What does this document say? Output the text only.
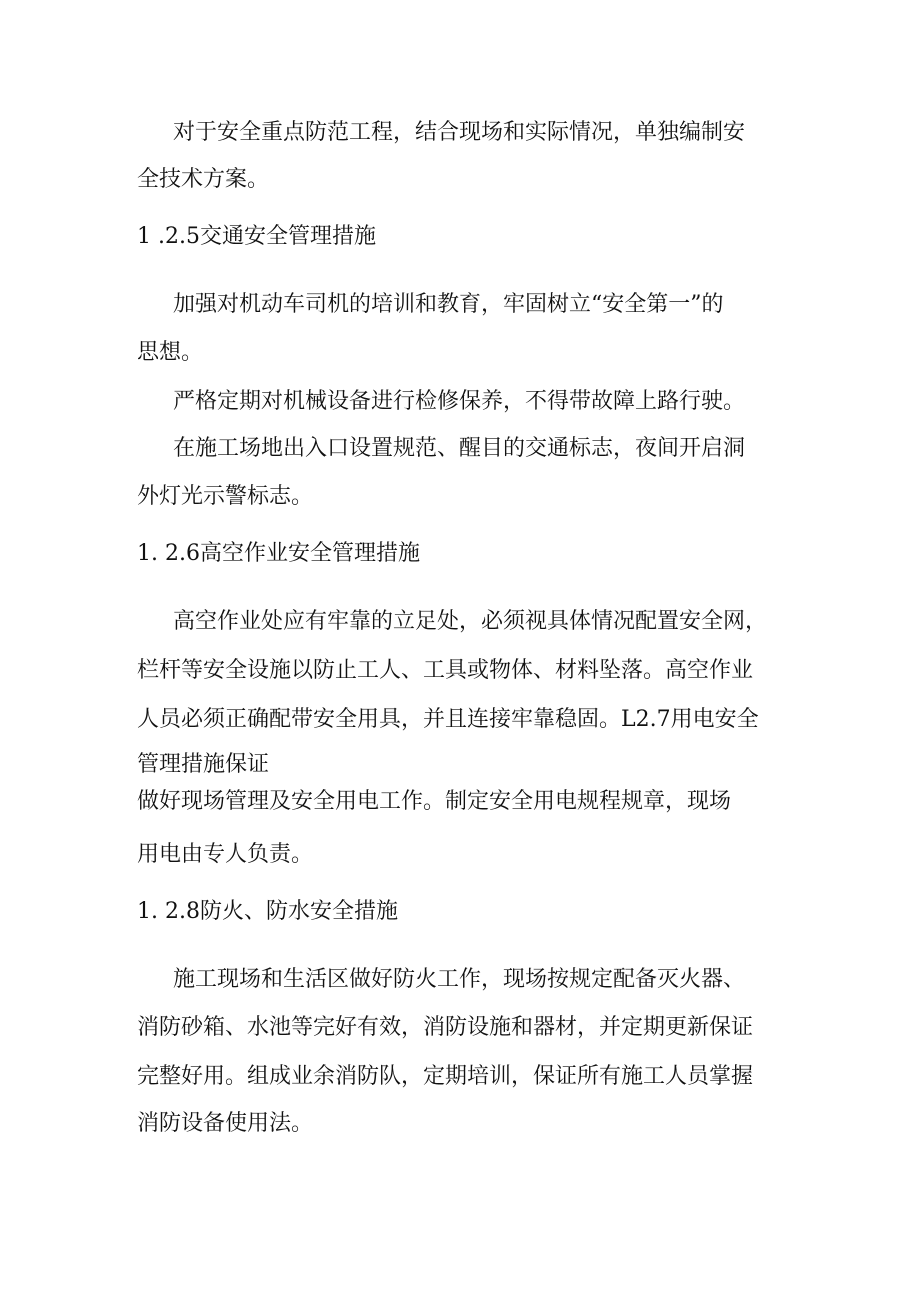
对于安全重点防范工程，结合现场和实际情况，单独编制安

全技术方案。

1 .2.5交通安全管理措施

加强对机动车司机的培训和教育，牢固树立“安全第一”的

思想。

严格定期对机械设备进行检修保养，不得带故障上路行驶。

在施工场地出入口设置规范、醒目的交通标志，夜间开启洞

外灯光示警标志。

1. 2.6高空作业安全管理措施

高空作业处应有牢靠的立足处，必须视具体情况配置安全网，

栏杆等安全设施以防止工人、工具或物体、材料坠落。高空作业

人员必须正确配带安全用具，并且连接牢靠稳固。L2.7用电安全

管理措施保证

做好现场管理及安全用电工作。制定安全用电规程规章，现场

用电由专人负责。

1. 2.8防火、防水安全措施

施工现场和生活区做好防火工作，现场按规定配备灭火器、

消防砂箱、水池等完好有效，消防设施和器材，并定期更新保证

完整好用。组成业余消防队，定期培训，保证所有施工人员掌握

消防设备使用法。
